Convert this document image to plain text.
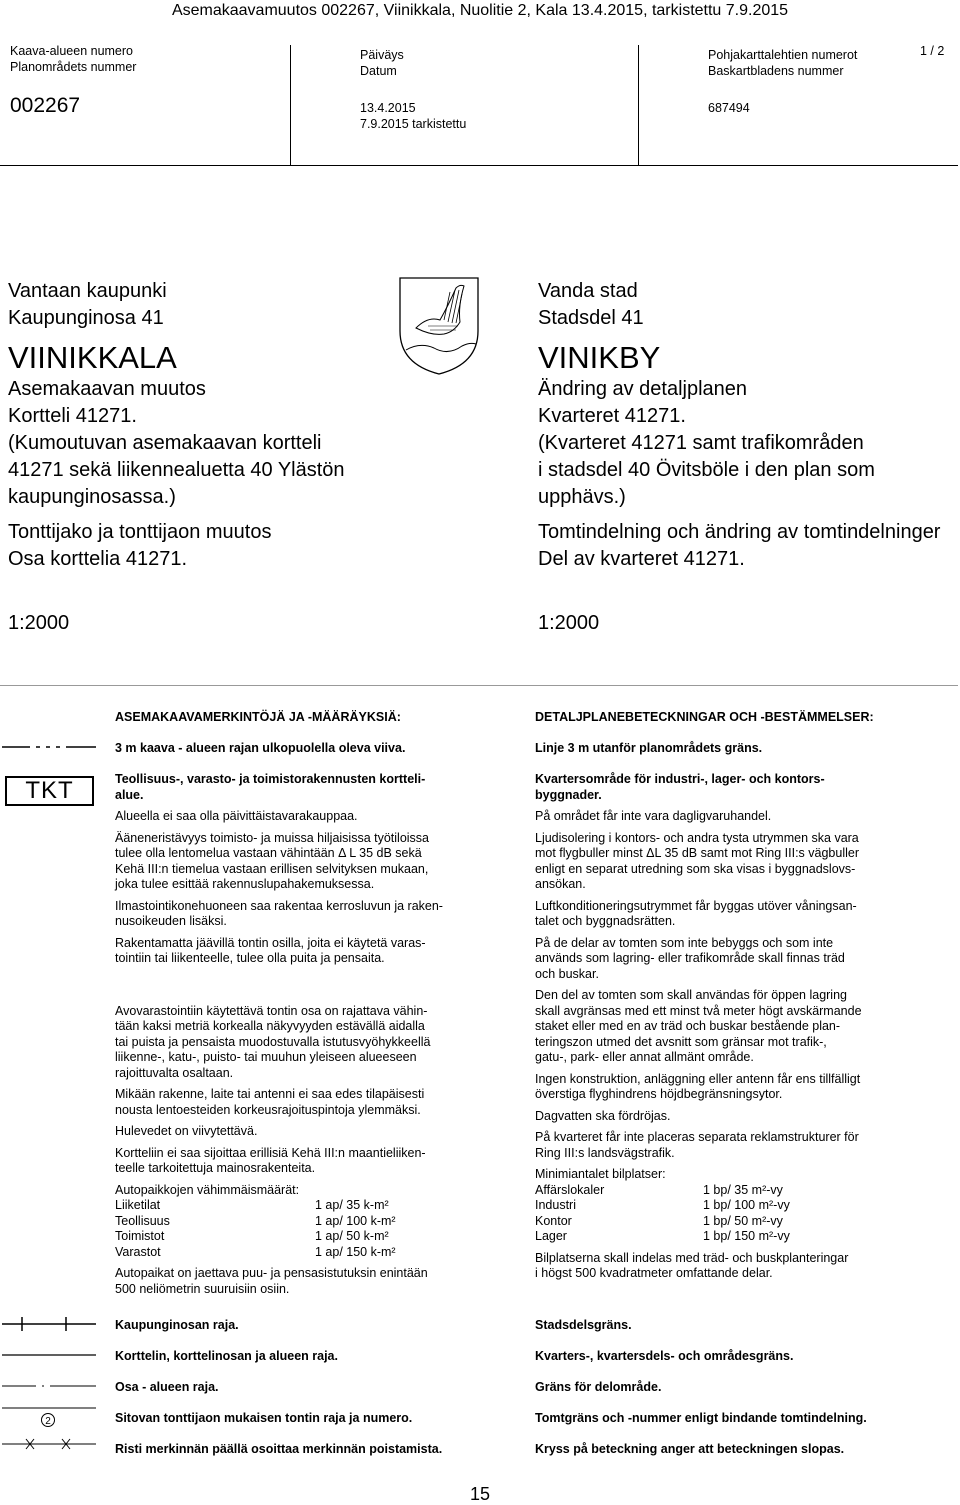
Asemakaavamuutos 002267, Viinikkala, Nuolitie 2, Kala 13.4.2015, tarkistettu 7.9.2015
Kaava-alueen numero
Planområdets nummer
002267
Päiväys
Datum
13.4.2015
7.9.2015 tarkistettu
Pohjakarttalehtien numerot
Baskartbladens nummer
1 / 2
687494
Vantaan kaupunki
Kaupunginosa 41
VIINIKKALA
Asemakaavan muutos
Kortteli 41271.
(Kumoutuvan asemakaavan kortteli
41271 sekä liikennealuetta 40 Ylästön
kaupunginosassa.)
Tonttijako ja tonttijaon muutos
Osa korttelia 41271.
1:2000
Vanda stad
Stadsdel 41
VINIKBY
Ändring av detaljplanen
Kvarteret 41271.
(Kvarteret 41271 samt trafikområden
i stadsdel 40 Övitsböle i den plan som
upphävs.)
Tomtindelning och ändring av tomtindelninger
Del av kvarteret 41271.
1:2000
ASEMAKAAVAMERKINTÖJÄ JA -MÄÄRÄYKSIÄ:	DETALJPLANEBETECKNINGAR OCH -BESTÄMMELSER:
3 m kaava - alueen rajan ulkopuolella oleva viiva.	Linje 3 m utanför planområdets gräns.
TKT	Teollisuus-, varasto- ja toimistorakennusten kortteli-
alue.
Alueella ei saa olla päivittäistavarakauppaa.
Ääneneristävyys toimisto- ja muissa hiljaisissa työtiloissa
tulee olla lentomelua vastaan vähintään Δ L 35 dB sekä
Kehä III:n tiemelua vastaan erillisen selvityksen mukaan,
joka tulee esittää rakennuslupahakemuksessa.
Ilmastointikonehuoneen saa rakentaa kerrosluvun ja raken-
nusoikeuden lisäksi.
Rakentamatta jäävillä tontin osilla, joita ei käytetä varas-
tointiin tai liikenteelle, tulee olla puita ja pensaita.
Avovarastointiin käytettävä tontin osa on rajattava vähin-
tään kaksi metriä korkealla näkyvyyden estävällä aidalla
tai puista ja pensaista muodostuvalla istutusvyöhykkeellä
liikenne-, katu-, puisto- tai muuhun yleiseen alueeseen
rajoittuvalta osaltaan.
Mikään rakenne, laite tai antenni ei saa edes tilapäisesti
nousta lentoesteiden korkeusrajoituspintoja ylemmäksi.
Hulevedet on viivytettävä.
Kortteliin ei saa sijoittaa erillisiä Kehä III:n maantieliiken-
teelle tarkoitettuja mainosrakenteita.
Autopaikkojen vähimmäismäärät:
Liiketilat	1 ap/ 35 k-m²
Teollisuus	1 ap/ 100 k-m²
Toimistot	1 ap/ 50 k-m²
Varastot	1 ap/ 150 k-m²
Autopaikat on jaettava puu- ja pensasistutuksin enintään
500 neliömetrin suuruisiin osiin.
Kvartersområde för industri-, lager- och kontors-
byggnader.
På området får inte vara dagligvaruhandel.
Ljudisolering i kontors- och andra tysta utrymmen ska vara
mot flygbuller minst ΔL 35 dB samt mot Ring III:s vägbuller
enligt en separat utredning som ska visas i byggnadslovs-
ansökan.
Luftkonditioneringsutrymmet får byggas utöver våningsan-
talet och byggnadsrätten.
På de delar av tomten som inte bebyggs och som inte
används som lagring- eller trafikområde skall finnas träd
och buskar.
Den del av tomten som skall användas för öppen lagring
skall avgränsas med ett minst två meter högt avskärmande
staket eller med en av träd och buskar bestående plan-
teringszon utmed det avsnitt som gränsar mot trafik-,
gatu-, park- eller annat allmänt område.
Ingen konstruktion, anläggning eller antenn får ens tillfälligt
överstiga flyghindrens höjdbegränsningsytor.
Dagvatten ska fördröjas.
På kvarteret får inte placeras separata reklamstrukturer för
Ring III:s landsvägstrafik.
Minimiantalet bilplatser:
Affärslokaler	1 bp/ 35 m²-vy
Industri	1 bp/ 100 m²-vy
Kontor	1 bp/ 50 m²-vy
Lager	1 bp/ 150 m²-vy
Bilplatserna skall indelas med träd- och buskplanteringar
i högst 500 kvadratmeter omfattande delar.
Kaupunginosan raja.	Stadsdelsgräns.
Korttelin, korttelinosan ja alueen raja.	Kvarters-, kvartersdels- och områdesgräns.
Osa - alueen raja.	Gräns för delområde.
2	Sitovan tonttijaon mukaisen tontin raja ja numero.	Tomtgräns och -nummer enligt bindande tomtindelning.
Risti merkinnän päällä osoittaa merkinnän poistamista.	Kryss på beteckning anger att beteckningen slopas.
15
